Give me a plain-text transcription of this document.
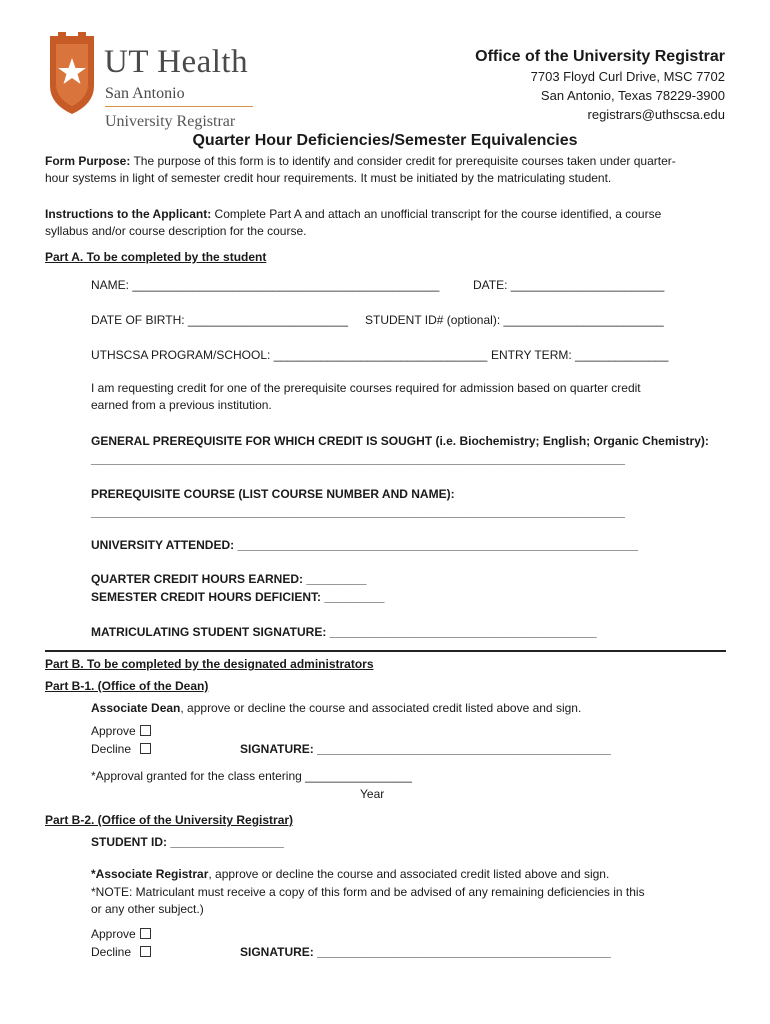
UT Health
San Antonio
University Registrar
Office of the University Registrar
7703 Floyd Curl Drive, MSC 7702
San Antonio, Texas 78229-3900
registrars@uthscsa.edu
Quarter Hour Deficiencies/Semester Equivalencies
Form Purpose: The purpose of this form is to identify and consider credit for prerequisite courses taken under quarter-
hour systems in light of semester credit hour requirements. It must be initiated by the matriculating student.
Instructions to the Applicant: Complete Part A and attach an unofficial transcript for the course identified, a course
syllabus and/or course description for the course.
Part A. To be completed by the student
NAME: ______________________________________________	DATE: _______________________
DATE OF BIRTH: ________________________ STUDENT ID# (optional): ________________________
UTHSCSA PROGRAM/SCHOOL: ________________________________ ENTRY TERM: ______________
I am requesting credit for one of the prerequisite courses required for admission based on quarter credit
earned from a previous institution.
GENERAL PREREQUISITE FOR WHICH CREDIT IS SOUGHT (i.e. Biochemistry; English; Organic Chemistry):
________________________________________________________________________________
PREREQUISITE COURSE (LIST COURSE NUMBER AND NAME):
________________________________________________________________________________
UNIVERSITY ATTENDED: ____________________________________________________________
QUARTER CREDIT HOURS EARNED: _________
SEMESTER CREDIT HOURS DEFICIENT: _________
MATRICULATING STUDENT SIGNATURE: ________________________________________
Part B. To be completed by the designated administrators
Part B-1. (Office of the Dean)
Associate Dean, approve or decline the course and associated credit listed above and sign.
Approve
Decline	SIGNATURE: ____________________________________________
*Approval granted for the class entering ________________
Year
Part B-2. (Office of the University Registrar)
STUDENT ID: _________________
*Associate Registrar, approve or decline the course and associated credit listed above and sign.
*NOTE: Matriculant must receive a copy of this form and be advised of any remaining deficiencies in this
or any other subject.)
Approve
Decline	SIGNATURE: ____________________________________________
